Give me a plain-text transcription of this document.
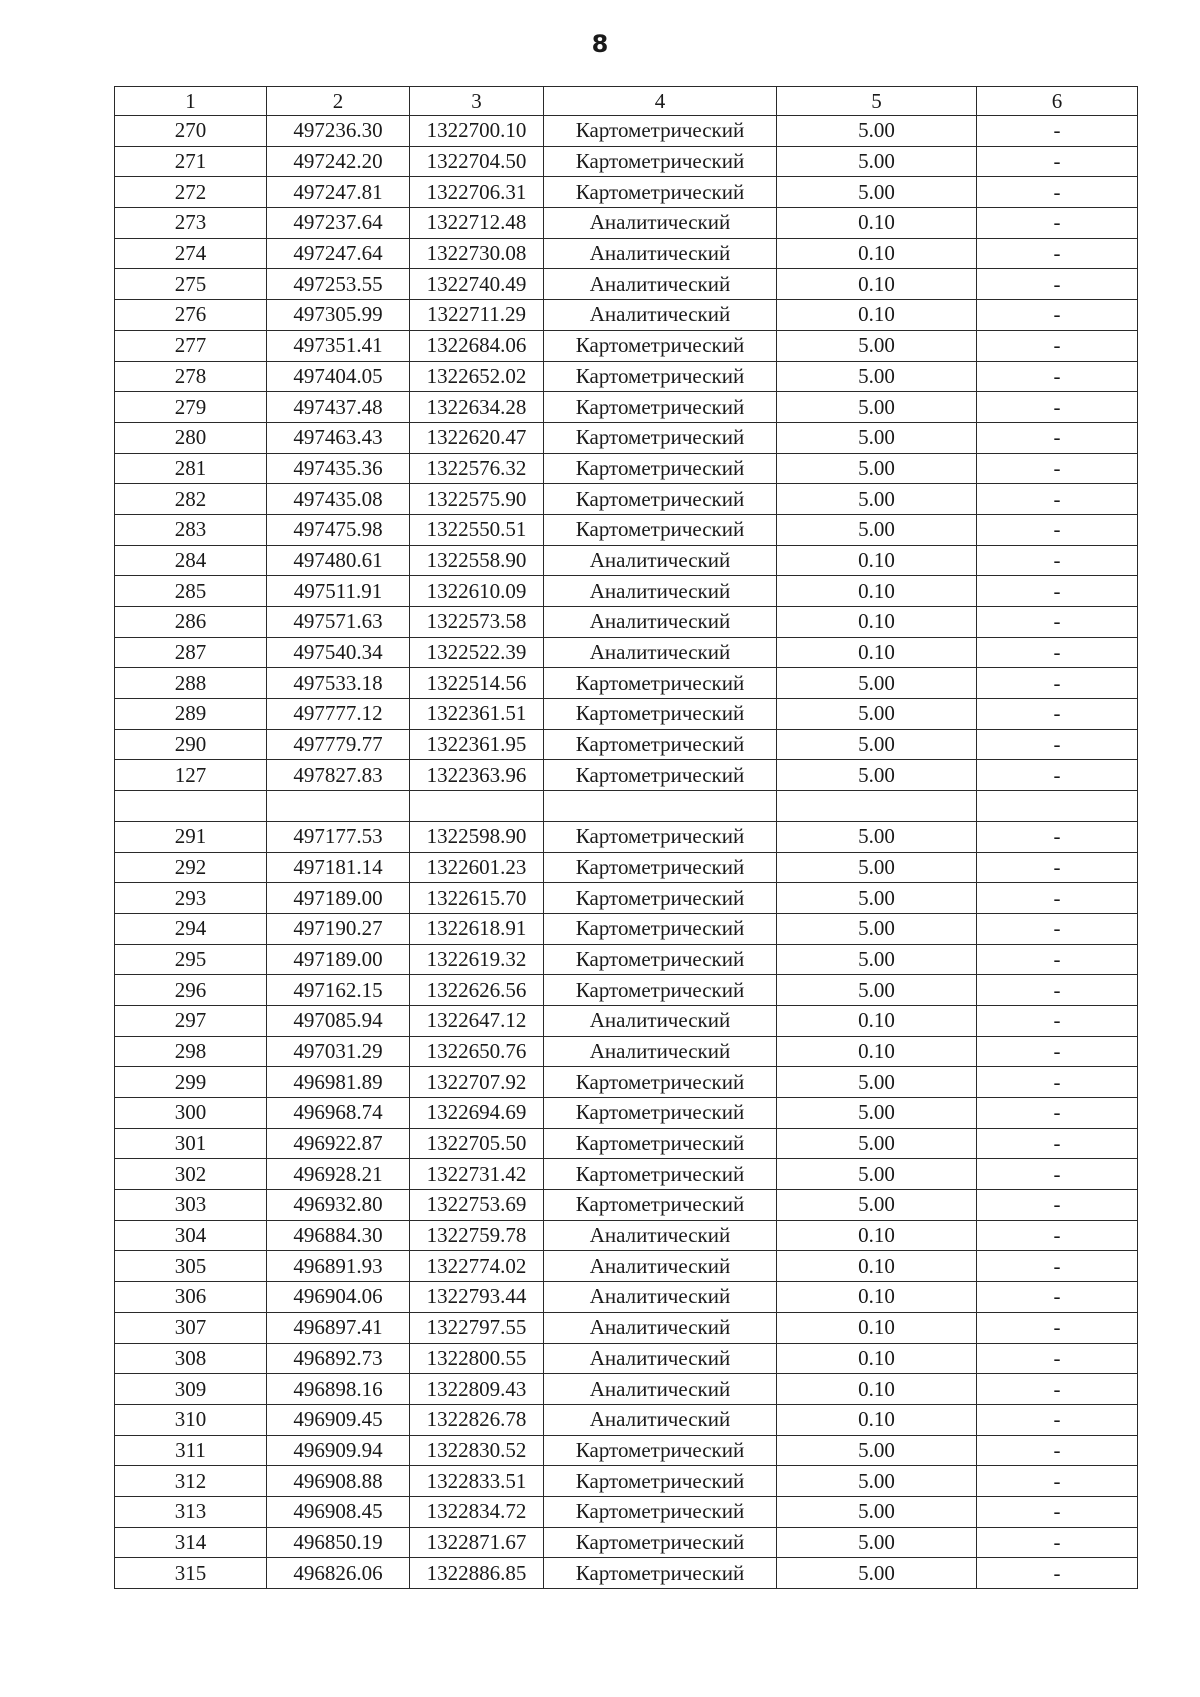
8
1	2	3	4	5	6
270	497236.30	1322700.10	Картометрический	5.00	-
271	497242.20	1322704.50	Картометрический	5.00	-
272	497247.81	1322706.31	Картометрический	5.00	-
273	497237.64	1322712.48	Аналитический	0.10	-
274	497247.64	1322730.08	Аналитический	0.10	-
275	497253.55	1322740.49	Аналитический	0.10	-
276	497305.99	1322711.29	Аналитический	0.10	-
277	497351.41	1322684.06	Картометрический	5.00	-
278	497404.05	1322652.02	Картометрический	5.00	-
279	497437.48	1322634.28	Картометрический	5.00	-
280	497463.43	1322620.47	Картометрический	5.00	-
281	497435.36	1322576.32	Картометрический	5.00	-
282	497435.08	1322575.90	Картометрический	5.00	-
283	497475.98	1322550.51	Картометрический	5.00	-
284	497480.61	1322558.90	Аналитический	0.10	-
285	497511.91	1322610.09	Аналитический	0.10	-
286	497571.63	1322573.58	Аналитический	0.10	-
287	497540.34	1322522.39	Аналитический	0.10	-
288	497533.18	1322514.56	Картометрический	5.00	-
289	497777.12	1322361.51	Картометрический	5.00	-
290	497779.77	1322361.95	Картометрический	5.00	-
127	497827.83	1322363.96	Картометрический	5.00	-

291	497177.53	1322598.90	Картометрический	5.00	-
292	497181.14	1322601.23	Картометрический	5.00	-
293	497189.00	1322615.70	Картометрический	5.00	-
294	497190.27	1322618.91	Картометрический	5.00	-
295	497189.00	1322619.32	Картометрический	5.00	-
296	497162.15	1322626.56	Картометрический	5.00	-
297	497085.94	1322647.12	Аналитический	0.10	-
298	497031.29	1322650.76	Аналитический	0.10	-
299	496981.89	1322707.92	Картометрический	5.00	-
300	496968.74	1322694.69	Картометрический	5.00	-
301	496922.87	1322705.50	Картометрический	5.00	-
302	496928.21	1322731.42	Картометрический	5.00	-
303	496932.80	1322753.69	Картометрический	5.00	-
304	496884.30	1322759.78	Аналитический	0.10	-
305	496891.93	1322774.02	Аналитический	0.10	-
306	496904.06	1322793.44	Аналитический	0.10	-
307	496897.41	1322797.55	Аналитический	0.10	-
308	496892.73	1322800.55	Аналитический	0.10	-
309	496898.16	1322809.43	Аналитический	0.10	-
310	496909.45	1322826.78	Аналитический	0.10	-
311	496909.94	1322830.52	Картометрический	5.00	-
312	496908.88	1322833.51	Картометрический	5.00	-
313	496908.45	1322834.72	Картометрический	5.00	-
314	496850.19	1322871.67	Картометрический	5.00	-
315	496826.06	1322886.85	Картометрический	5.00	-
